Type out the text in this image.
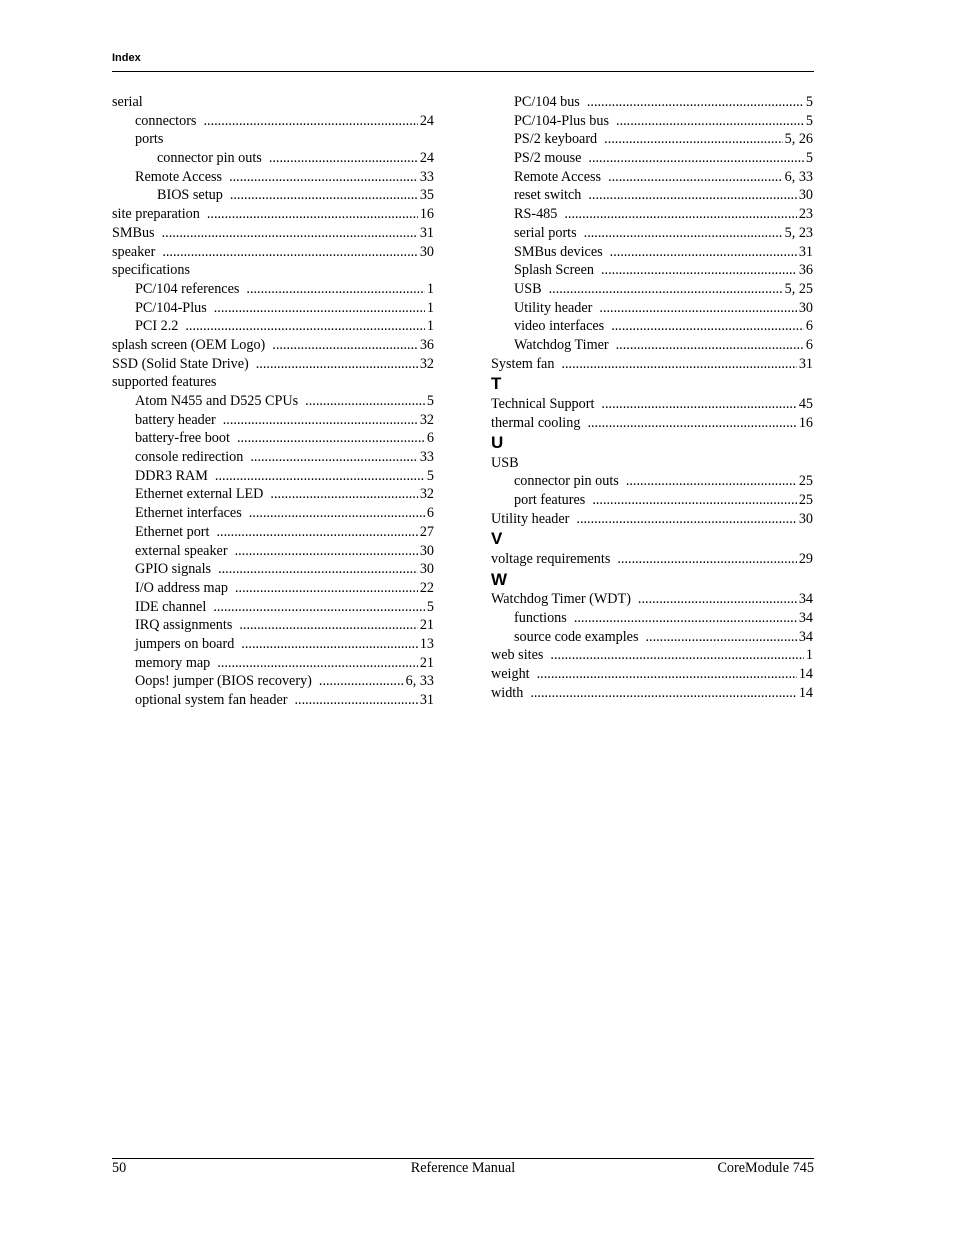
Index
serial
connectors .....	24
ports
connector pin outs .....	24
Remote Access .....	33
BIOS setup .....	35
site preparation .....	16
SMBus .....	31
speaker .....	30
specifications
PC/104 references .....	1
PC/104-Plus .....	1
PCI 2.2 .....	1
splash screen (OEM Logo) .....	36
SSD (Solid State Drive) .....	32
supported features
Atom N455 and D525 CPUs .....	5
battery header .....	32
battery-free boot .....	6
console redirection .....	33
DDR3 RAM .....	5
Ethernet external LED .....	32
Ethernet interfaces .....	6
Ethernet port .....	27
external speaker .....	30
GPIO signals .....	30
I/O address map .....	22
IDE channel .....	5
IRQ assignments .....	21
jumpers on board .....	13
memory map .....	21
Oops! jumper (BIOS recovery) .....	6, 33
optional system fan header .....	31
PC/104 bus .....	5
PC/104-Plus bus .....	5
PS/2 keyboard .....	5, 26
PS/2 mouse .....	5
Remote Access .....	6, 33
reset switch .....	30
RS-485 .....	23
serial ports .....	5, 23
SMBus devices .....	31
Splash Screen .....	36
USB .....	5, 25
Utility header .....	30
video interfaces .....	6
Watchdog Timer .....	6
System fan .....	31
T
Technical Support .....	45
thermal cooling .....	16
U
USB
connector pin outs .....	25
port features .....	25
Utility header .....	30
V
voltage requirements .....	29
W
Watchdog Timer (WDT) .....	34
functions .....	34
source code examples .....	34
web sites .....	1
weight .....	14
width .....	14
50	Reference Manual	CoreModule 745
